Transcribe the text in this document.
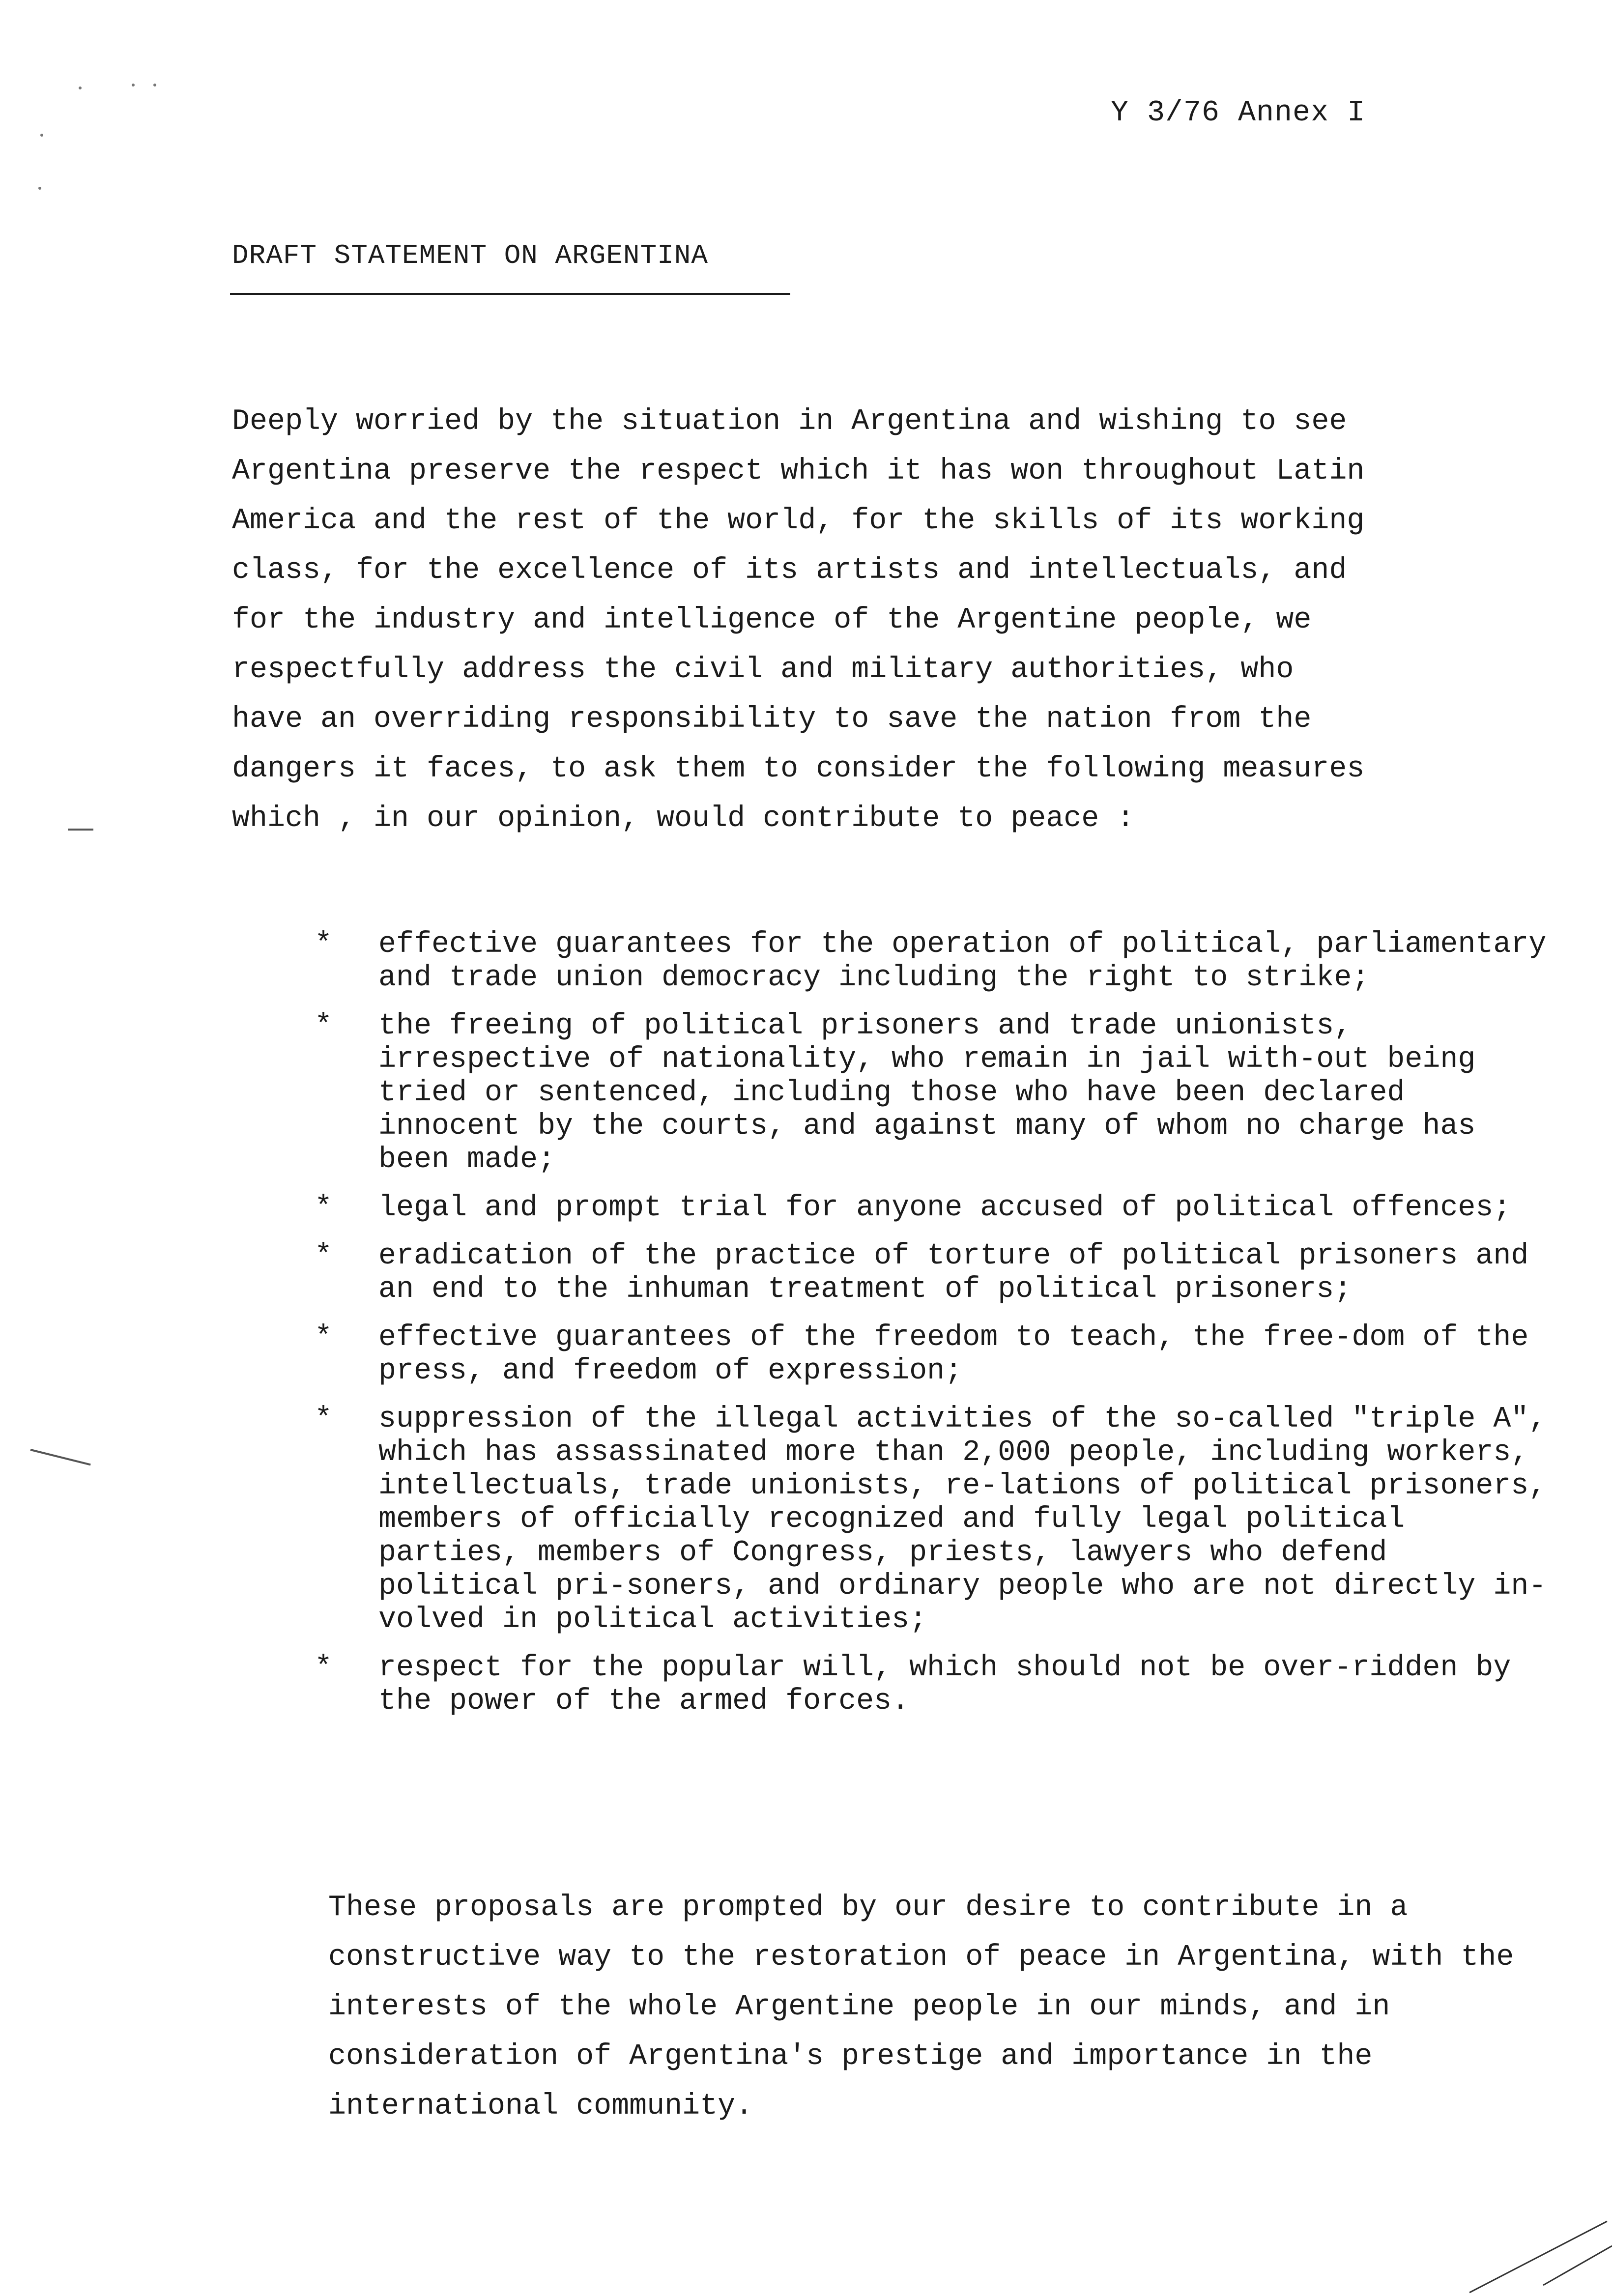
Y 3/76 Annex I
DRAFT STATEMENT ON ARGENTINA

Deeply worried by the situation in Argentina and wishing to see Argentina preserve the respect which it has won throughout Latin America and the rest of the world, for the skills of its working class, for the excellence of its artists and intellectuals, and for the industry and intelligence of the Argentine people, we respectfully address the civil and military authorities, who have an overriding responsibility to save the nation from the dangers it faces, to ask them to consider the following measures which , in our opinion, would contribute to peace :

*	effective guarantees for the operation of political, parliamentary and trade union democracy including the right to strike;
*	the freeing of political prisoners and trade unionists, irrespective of nationality, who remain in jail with-out being tried or sentenced, including those who have been declared innocent by the courts, and against many of whom no charge has been made;
*	legal and prompt trial for anyone accused of political offences;
*	eradication of the practice of torture of political prisoners and an end to the inhuman treatment of political prisoners;
*	effective guarantees of the freedom to teach, the free-dom of the press, and freedom of expression;
*	suppression of the illegal activities of the so-called "triple A", which has assassinated more than 2,000 people, including workers, intellectuals, trade unionists, re-lations of political prisoners, members of officially recognized and fully legal political parties, members of Congress, priests, lawyers who defend political pri-soners, and ordinary people who are not directly in-volved in political activities;
*	respect for the popular will, which should not be over-ridden by the power of the armed forces.

These proposals are prompted by our desire to contribute in a constructive way to the restoration of peace in Argentina, with the interests of the whole Argentine people in our minds, and in consideration of Argentina's prestige and importance in the international community.
